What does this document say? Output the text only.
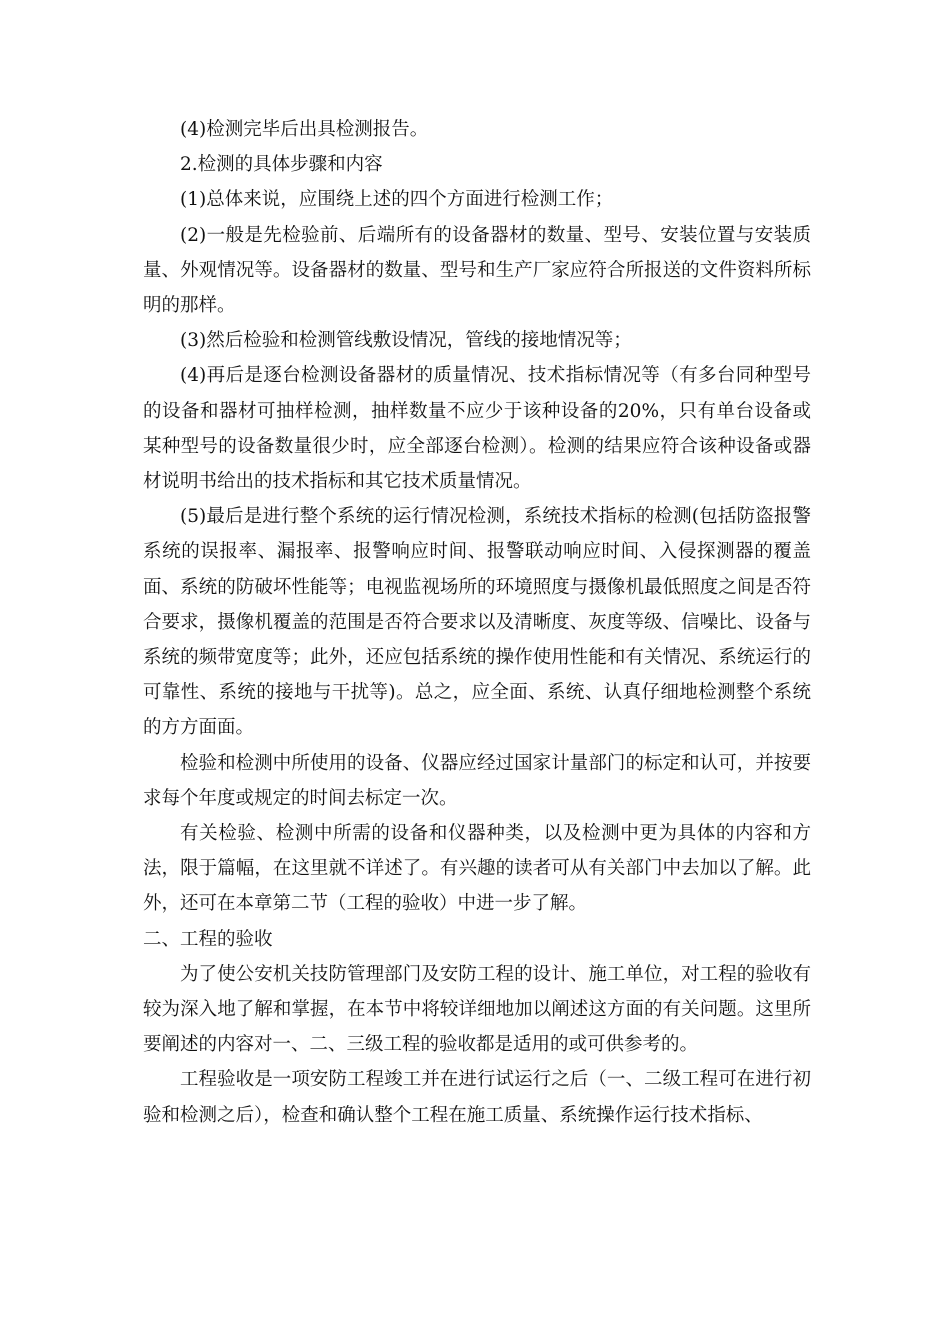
(4)检测完毕后出具检测报告。

2.检测的具体步骤和内容

(1)总体来说，应围绕上述的四个方面进行检测工作；

(2)一般是先检验前、后端所有的设备器材的数量、型号、安装位置与安装质量、外观情况等。设备器材的数量、型号和生产厂家应符合所报送的文件资料所标明的那样。

(3)然后检验和检测管线敷设情况，管线的接地情况等；

(4)再后是逐台检测设备器材的质量情况、技术指标情况等（有多台同种型号的设备和器材可抽样检测，抽样数量不应少于该种设备的20%，只有单台设备或某种型号的设备数量很少时，应全部逐台检测）。检测的结果应符合该种设备或器材说明书给出的技术指标和其它技术质量情况。

(5)最后是进行整个系统的运行情况检测，系统技术指标的检测(包括防盗报警系统的误报率、漏报率、报警响应时间、报警联动响应时间、入侵探测器的覆盖面、系统的防破坏性能等；电视监视场所的环境照度与摄像机最低照度之间是否符合要求，摄像机覆盖的范围是否符合要求以及清晰度、灰度等级、信噪比、设备与系统的频带宽度等；此外，还应包括系统的操作使用性能和有关情况、系统运行的可靠性、系统的接地与干扰等)。总之，应全面、系统、认真仔细地检测整个系统的方方面面。

检验和检测中所使用的设备、仪器应经过国家计量部门的标定和认可，并按要求每个年度或规定的时间去标定一次。

有关检验、检测中所需的设备和仪器种类，以及检测中更为具体的内容和方法，限于篇幅，在这里就不详述了。有兴趣的读者可从有关部门中去加以了解。此外，还可在本章第二节（工程的验收）中进一步了解。

二、工程的验收

为了使公安机关技防管理部门及安防工程的设计、施工单位，对工程的验收有较为深入地了解和掌握，在本节中将较详细地加以阐述这方面的有关问题。这里所要阐述的内容对一、二、三级工程的验收都是适用的或可供参考的。

工程验收是一项安防工程竣工并在进行试运行之后（一、二级工程可在进行初验和检测之后），检查和确认整个工程在施工质量、系统操作运行技术指标、
